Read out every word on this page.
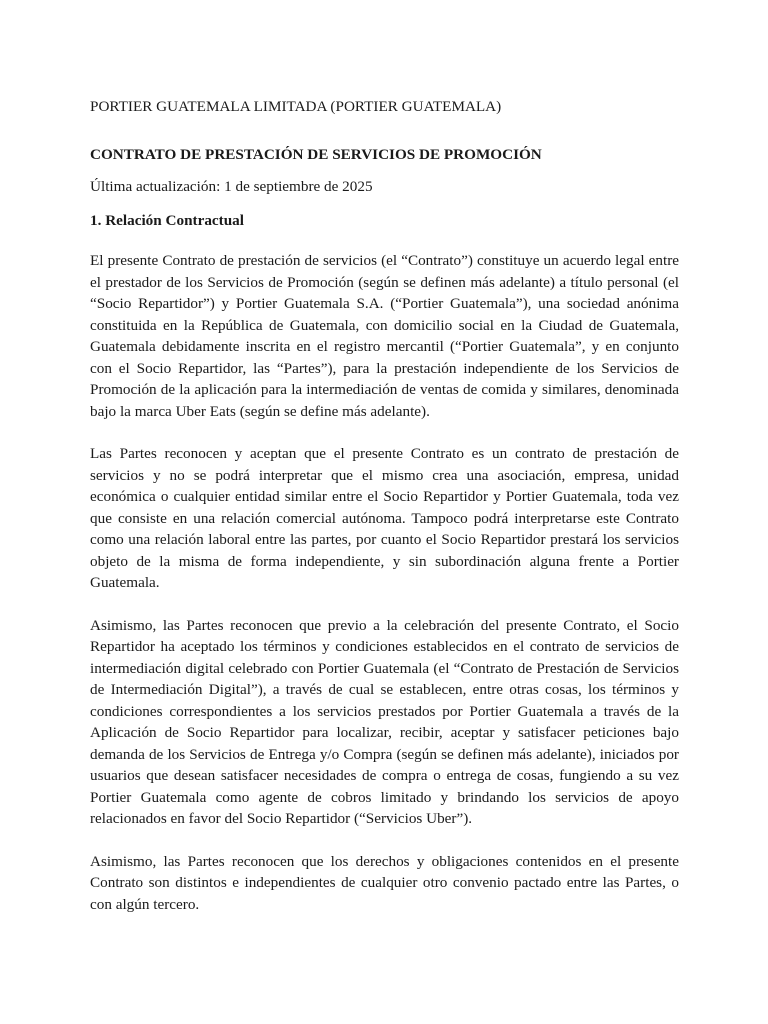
PORTIER GUATEMALA LIMITADA (PORTIER GUATEMALA)
CONTRATO DE PRESTACIÓN DE SERVICIOS DE PROMOCIÓN
Última actualización: 1 de septiembre de 2025
1. Relación Contractual

El presente Contrato de prestación de servicios (el “Contrato”) constituye un acuerdo legal entre el prestador de los Servicios de Promoción (según se definen más adelante) a título personal (el “Socio Repartidor”) y Portier Guatemala S.A. (“Portier Guatemala”), una sociedad anónima constituida en la República de Guatemala, con domicilio social en la Ciudad de Guatemala, Guatemala debidamente inscrita en el registro mercantil (“Portier Guatemala”, y en conjunto con el Socio Repartidor, las “Partes”), para la prestación independiente de los Servicios de Promoción de la aplicación para la intermediación de ventas de comida y similares, denominada bajo la marca Uber Eats (según se define más adelante).

Las Partes reconocen y aceptan que el presente Contrato es un contrato de prestación de servicios y no se podrá interpretar que el mismo crea una asociación, empresa, unidad económica o cualquier entidad similar entre el Socio Repartidor y Portier Guatemala, toda vez que consiste en una relación comercial autónoma. Tampoco podrá interpretarse este Contrato como una relación laboral entre las partes, por cuanto el Socio Repartidor prestará los servicios objeto de la misma de forma independiente, y sin subordinación alguna frente a Portier Guatemala.

Asimismo, las Partes reconocen que previo a la celebración del presente Contrato, el Socio Repartidor ha aceptado los términos y condiciones establecidos en el contrato de servicios de intermediación digital celebrado con Portier Guatemala (el “Contrato de Prestación de Servicios de Intermediación Digital”), a través de cual se establecen, entre otras cosas, los términos y condiciones correspondientes a los servicios prestados por Portier Guatemala a través de la Aplicación de Socio Repartidor para localizar, recibir, aceptar y satisfacer peticiones bajo demanda de los Servicios de Entrega y/o Compra (según se definen más adelante), iniciados por usuarios que desean satisfacer necesidades de compra o entrega de cosas, fungiendo a su vez Portier Guatemala como agente de cobros limitado y brindando los servicios de apoyo relacionados en favor del Socio Repartidor (“Servicios Uber”).

Asimismo, las Partes reconocen que los derechos y obligaciones contenidos en el presente Contrato son distintos e independientes de cualquier otro convenio pactado entre las Partes, o con algún tercero.
